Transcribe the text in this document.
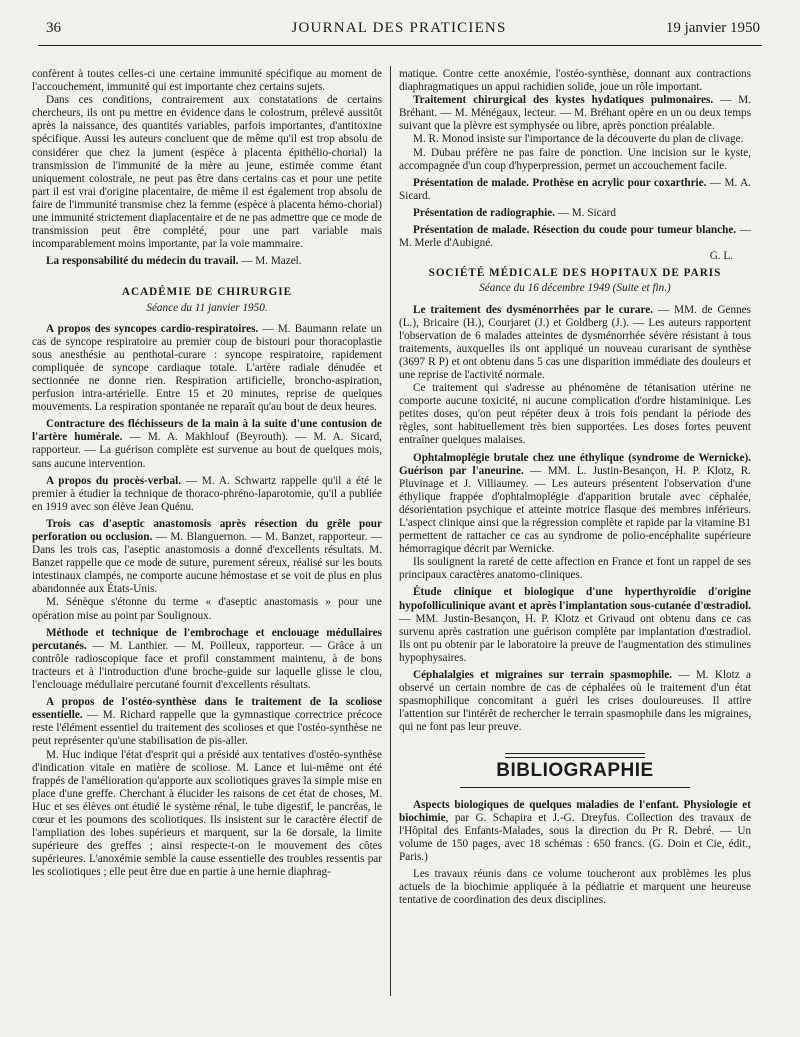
36	JOURNAL DES PRATICIENS	19 janvier 1950

confèrent à toutes celles-ci une certaine immunité spécifique au moment de l'accouchement, immunité qui est importante chez certains sujets.

Dans ces conditions, contrairement aux constatations de certains chercheurs, ils ont pu mettre en évidence dans le colostrum, prélevé aussitôt après la naissance, des quantités variables, parfois importantes, d'antitoxine spécifique. Aussi les auteurs concluent que de même qu'il est trop absolu de considérer que chez la jument (espèce à placenta épithélio-chorial) la transmission de l'immunité de la mère au jeune, estimée comme étant uniquement colostrale, ne peut pas être dans certains cas et pour une petite part il est vrai d'origine placentaire, de même il est également trop absolu de faire de l'immunité transmise chez la femme (espèce à placenta hémo-chorial) une immunité strictement diaplacentaire et de ne pas admettre que ce mode de transmission peut être complété, pour une part variable mais incomparablement moins importante, par la voie mammaire.

La responsabilité du médecin du travail. — M. Mazel.

ACADÉMIE DE CHIRURGIE
Séance du 11 janvier 1950.

A propos des syncopes cardio-respiratoires. — M. Baumann relate un cas de syncope respiratoire au premier coup de bistouri pour thoracoplastie sous anesthésie au penthotal-curare : syncope respiratoire, rapidement compliquée de syncope cardiaque totale. L'artère radiale dénudée et sectionnée ne donne rien. Respiration artificielle, broncho-aspiration, perfusion intra-artérielle. Entre 15 et 20 minutes, reprise de quelques mouvements. La respiration spontanée ne reparaît qu'au bout de deux heures.

Contracture des fléchisseurs de la main à la suite d'une contusion de l'artère humérale. — M. A. Makhlouf (Beyrouth). — M. A. Sicard, rapporteur. — La guérison complète est survenue au bout de quelques mois, sans aucune intervention.

A propos du procès-verbal. — M. A. Schwartz rappelle qu'il a été le premier à étudier la technique de thoraco-phréno-laparotomie, qu'il a publiée en 1919 avec son élève Jean Quénu.

Trois cas d'aseptic anastomosis après résection du grêle pour perforation ou occlusion. — M. Blanguernon. — M. Banzet, rapporteur. — Dans les trois cas, l'aseptic anastomosis a donné d'excellents résultats. M. Banzet rappelle que ce mode de suture, purement séreux, réalisé sur les bouts intestinaux clampés, ne comporte aucune hémostase et se voit de plus en plus abandonnée aux États-Unis.

M. Sénèque s'étonne du terme « d'aseptic anastomasis » pour une opération mise au point par Soulignoux.

Méthode et technique de l'embrochage et enclouage médullaires percutanés. — M. Lanthier. — M. Poilleux, rapporteur. — Grâce à un contrôle radioscopique face et profil constamment maintenu, à de bons tracteurs et à l'introduction d'une broche-guide sur laquelle glisse le clou, l'enclouage médullaire percutané fournit d'excellents résultats.

A propos de l'ostéo-synthèse dans le traitement de la scoliose essentielle. — M. Richard rappelle que la gymnastique correctrice précoce reste l'élément essentiel du traitement des scolioses et que l'ostéo-synthèse ne peut représenter qu'une stabilisation de pis-aller.

M. Huc indique l'état d'esprit qui a présidé aux tentatives d'ostéo-synthèse d'indication vitale en matière de scoliose. M. Lance et lui-même ont été frappés de l'amélioration qu'apporte aux scoliotiques graves la simple mise en place d'une greffe. Cherchant à élucider les raisons de cet état de choses, M. Huc et ses élèves ont étudié le système rénal, le tube digestif, le pancréas, le cœur et les poumons des scoliotiques. Ils insistent sur le caractère électif de l'ampliation des lobes supérieurs et marquent, sur la 6e dorsale, la limite supérieure des greffes ; ainsi respecte-t-on le mouvement des côtes supérieures. L'anoxémie semble la cause essentielle des troubles ressentis par les scoliotiques ; elle peut être due en partie à une hernie diaphrag-

matique. Contre cette anoxémie, l'ostéo-synthèse, donnant aux contractions diaphragmatiques un appui rachidien solide, joue un rôle important.

Traitement chirurgical des kystes hydatiques pulmonaires. — M. Bréhant. — M. Ménégaux, lecteur. — M. Bréhant opère en un ou deux temps suivant que la plèvre est symphysée ou libre, après ponction préalable.

M. R. Monod insiste sur l'importance de la découverte du plan de clivage.

M. Dubau préfère ne pas faire de ponction. Une incision sur le kyste, accompagnée d'un coup d'hyperpression, permet un accouchement facile.

Présentation de malade. Prothèse en acrylic pour coxarthrie. — M. A. Sicard.

Présentation de radiographie. — M. Sicard

Présentation de malade. Résection du coude pour tumeur blanche. — M. Merle d'Aubigné.

G. L.
SOCIÉTÉ MÉDICALE DES HOPITAUX DE PARIS
Séance du 16 décembre 1949 (Suite et fin.)

Le traitement des dysménorrhées par le curare. — MM. de Gennes (L.), Bricaire (H.), Courjaret (J.) et Goldberg (J.). — Les auteurs rapportent l'observation de 6 malades atteintes de dysménorrhée sévère résistant à tous traitements, auxquelles ils ont appliqué un nouveau curarisant de synthèse (3697 R P) et ont obtenu dans 5 cas une disparition immédiate des douleurs et une reprise de l'activité normale.

Ce traitement qui s'adresse au phénomène de tétanisation utérine ne comporte aucune toxicité, ni aucune complication d'ordre histaminique. Les petites doses, qu'on peut répéter deux à trois fois pendant la période des règles, sont habituellement très bien supportées. Les doses fortes peuvent entraîner quelques malaises.

Ophtalmoplégie brutale chez une éthylique (syndrome de Wernicke). Guérison par l'aneurine. — MM. L. Justin-Besançon, H. P. Klotz, R. Pluvinage et J. Villiaumey. — Les auteurs présentent l'observation d'une éthylique frappée d'ophtalmoplégie d'apparition brutale avec céphalée, désorientation psychique et atteinte motrice flasque des membres inférieurs. L'aspect clinique ainsi que la régression complète et rapide par la vitamine B1 permettent de rattacher ce cas au syndrome de polio-encéphalite supérieure hémorragique décrit par Wernicke.

Ils soulignent la rareté de cette affection en France et font un rappel de ses principaux caractères anatomo-cliniques.

Étude clinique et biologique d'une hyperthyroïdie d'origine hypofolliculinique avant et après l'implantation sous-cutanée d'œstradiol. — MM. Justin-Besançon, H. P. Klotz et Grivaud ont obtenu dans ce cas survenu après castration une guérison complète par implantation d'œstradiol. Ils ont pu obtenir par le laboratoire la preuve de l'augmentation des stimulines hypophysaires.

Céphalalgies et migraines sur terrain spasmophile. — M. Klotz a observé un certain nombre de cas de céphalées où le traitement d'un état spasmophilique concomitant a guéri les crises douloureuses. Il attire l'attention sur l'intérêt de rechercher le terrain spasmophile dans les migraines, qui ne font pas leur preuve.

BIBLIOGRAPHIE

Aspects biologiques de quelques maladies de l'enfant. Physiologie et biochimie, par G. Schapira et J.-G. Dreyfus. Collection des travaux de l'Hôpital des Enfants-Malades, sous la direction du Pr R. Debré. — Un volume de 150 pages, avec 18 schémas : 650 francs. (G. Doin et Cie, édit., Paris.)

Les travaux réunis dans ce volume toucheront aux problèmes les plus actuels de la biochimie appliquée à la pédiatrie et marquent une heureuse tentative de coordination des deux disciplines.
